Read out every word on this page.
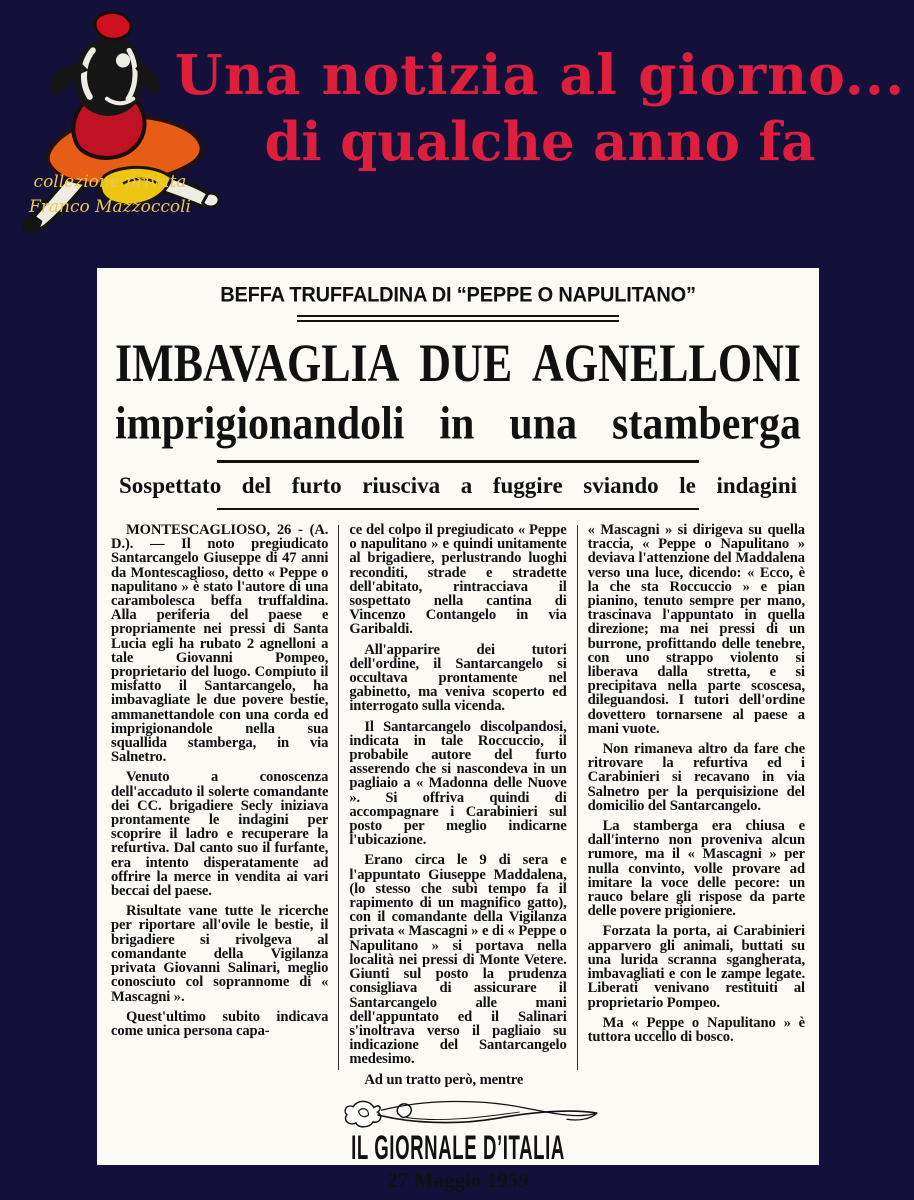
Una notizia al giorno...
di qualche anno fa
collezione privata
Franco Mazzoccoli
BEFFA TRUFFALDINA DI “PEPPE O NAPULITANO”
IMBAVAGLIA DUE AGNELLONI
imprigionandoli in una stamberga
Sospettato del furto riusciva a fuggire sviando le indagini

MONTESCAGLIOSO, 26 - (A. D.). — Il noto pregiudicato Santarcangelo Giuseppe di 47 anni da Montescaglioso, detto « Peppe o napulitano » è stato l'autore di una carambolesca beffa truffaldina. Alla periferia del paese e propriamente nei pressi di Santa Lucia egli ha rubato 2 agnelloni a tale Giovanni Pompeo, proprietario del luogo. Compiuto il misfatto il Santarcangelo, ha imbavagliate le due povere bestie, ammanettandole con una corda ed imprigionandole nella sua squallida stamberga, in via Salnetro.

Venuto a conoscenza dell'accaduto il solerte comandante dei CC. brigadiere Secly iniziava prontamente le indagini per scoprire il ladro e recuperare la refurtiva. Dal canto suo il furfante, era intento disperatamente ad offrire la merce in vendita ai vari beccai del paese.

Risultate vane tutte le ricerche per riportare all'ovile le bestie, il brigadiere si rivolgeva al comandante della Vigilanza privata Giovanni Salinari, meglio conosciuto col soprannome di « Mascagni ».

Quest'ultimo subito indicava come unica persona capa-

ce del colpo il pregiudicato « Peppe o napulitano » e quindi unitamente al brigadiere, perlustrando luoghi reconditi, strade e stradette dell'abitato, rintracciava il sospettato nella cantina di Vincenzo Contangelo in via Garibaldi.

All'apparire dei tutori dell'ordine, il Santarcangelo si occultava prontamente nel gabinetto, ma veniva scoperto ed interrogato sulla vicenda.

Il Santarcangelo discolpandosi, indicata in tale Roccuccio, il probabile autore del furto asserendo che si nascondeva in un pagliaio a « Madonna delle Nuove ». Si offriva quindi di accompagnare i Carabinieri sul posto per meglio indicarne l'ubicazione.

Erano circa le 9 di sera e l'appuntato Giuseppe Maddalena, (lo stesso che subì tempo fa il rapimento di un magnifico gatto), con il comandante della Vigilanza privata « Mascagni » e di « Peppe o Napulitano » si portava nella località nei pressi di Monte Vetere. Giunti sul posto la prudenza consigliava di assicurare il Santarcangelo alle mani dell'appuntato ed il Salinari s'inoltrava verso il pagliaio su indicazione del Santarcangelo medesimo.

Ad un tratto però, mentre

« Mascagni » si dirigeva su quella traccia, « Peppe o Napulitano » deviava l'attenzione del Maddalena verso una luce, dicendo: « Ecco, è la che sta Roccuccio » e pian pianino, tenuto sempre per mano, trascinava l'appuntato in quella direzione; ma nei pressi di un burrone, profittando delle tenebre, con uno strappo violento si liberava dalla stretta, e si precipitava nella parte scoscesa, dileguandosi. I tutori dell'ordine dovettero tornarsene al paese a mani vuote.

Non rimaneva altro da fare che ritrovare la refurtiva ed i Carabinieri si recavano in via Salnetro per la perquisizione del domicilio del Santarcangelo.

La stamberga era chiusa e dall'interno non proveniva alcun rumore, ma il « Mascagni » per nulla convinto, volle provare ad imitare la voce delle pecore: un rauco belare gli rispose da parte delle povere prigioniere.

Forzata la porta, ai Carabinieri apparvero gli animali, buttati su una lurida scranna sgangherata, imbavagliati e con le zampe legate. Liberati venivano restituiti al proprietario Pompeo.

Ma « Peppe o Napulitano » è tuttora uccello di bosco.

IL GIORNALE D’ITALIA
27 Maggio 1959
